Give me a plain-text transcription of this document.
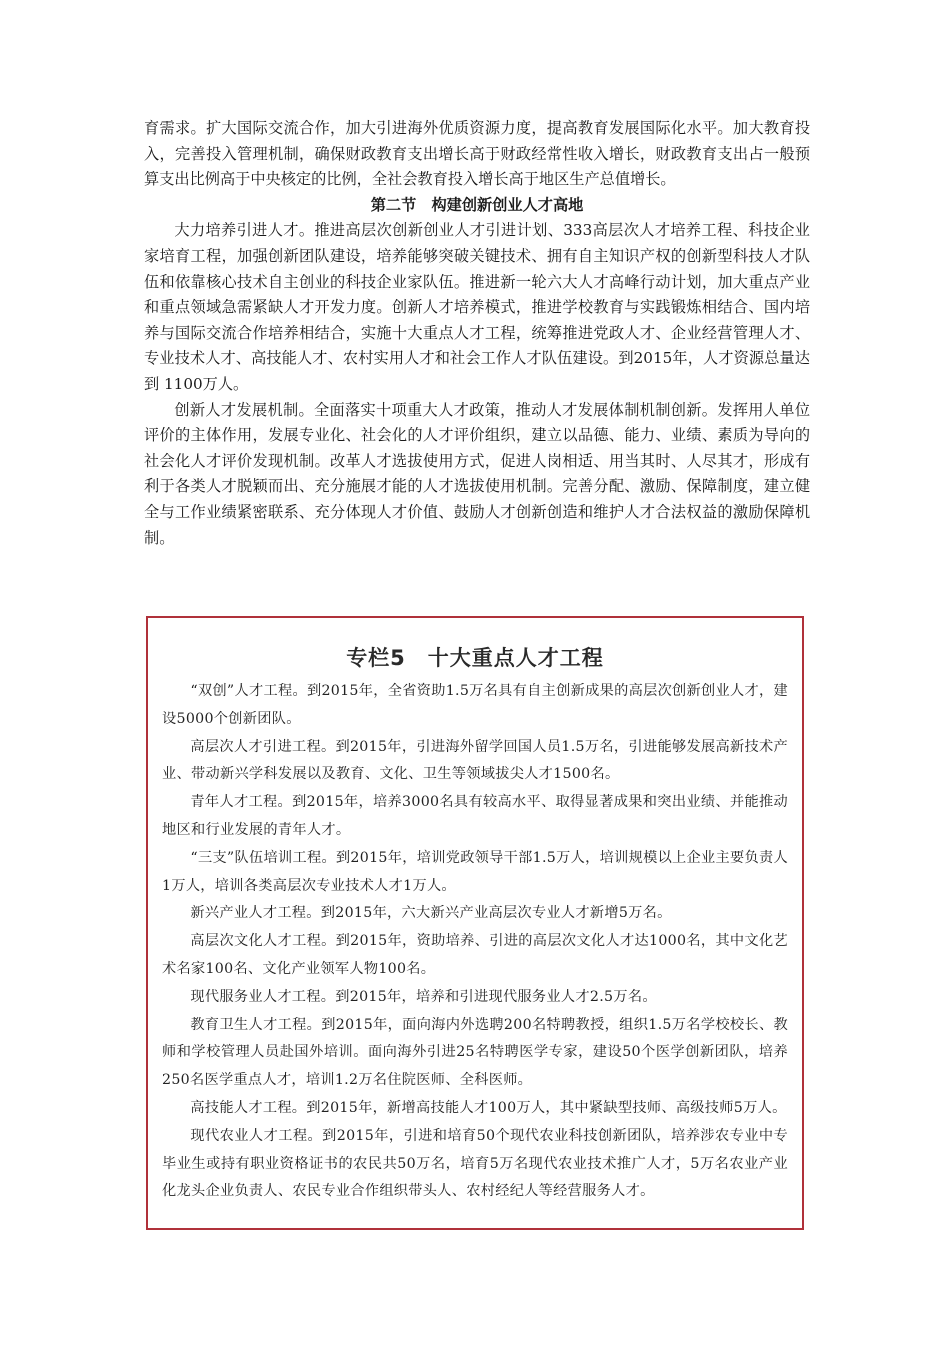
育需求。扩大国际交流合作，加大引进海外优质资源力度，提高教育发展国际化水平。加大教育投入，完善投入管理机制，确保财政教育支出增长高于财政经常性收入增长，财政教育支出占一般预算支出比例高于中央核定的比例，全社会教育投入增长高于地区生产总值增长。

第二节　构建创新创业人才高地

大力培养引进人才。推进高层次创新创业人才引进计划、333高层次人才培养工程、科技企业家培育工程，加强创新团队建设，培养能够突破关键技术、拥有自主知识产权的创新型科技人才队伍和依靠核心技术自主创业的科技企业家队伍。推进新一轮六大人才高峰行动计划，加大重点产业和重点领域急需紧缺人才开发力度。创新人才培养模式，推进学校教育与实践锻炼相结合、国内培养与国际交流合作培养相结合，实施十大重点人才工程，统筹推进党政人才、企业经营管理人才、专业技术人才、高技能人才、农村实用人才和社会工作人才队伍建设。到2015年，人才资源总量达到 1100万人。

创新人才发展机制。全面落实十项重大人才政策，推动人才发展体制机制创新。发挥用人单位评价的主体作用，发展专业化、社会化的人才评价组织，建立以品德、能力、业绩、素质为导向的社会化人才评价发现机制。改革人才选拔使用方式，促进人岗相适、用当其时、人尽其才，形成有利于各类人才脱颖而出、充分施展才能的人才选拔使用机制。完善分配、激励、保障制度，建立健全与工作业绩紧密联系、充分体现人才价值、鼓励人才创新创造和维护人才合法权益的激励保障机制。

专栏5　十大重点人才工程

“双创”人才工程。到2015年，全省资助1.5万名具有自主创新成果的高层次创新创业人才，建设5000个创新团队。

高层次人才引进工程。到2015年，引进海外留学回国人员1.5万名，引进能够发展高新技术产业、带动新兴学科发展以及教育、文化、卫生等领域拔尖人才1500名。

青年人才工程。到2015年，培养3000名具有较高水平、取得显著成果和突出业绩、并能推动地区和行业发展的青年人才。

“三支”队伍培训工程。到2015年，培训党政领导干部1.5万人，培训规模以上企业主要负责人1万人，培训各类高层次专业技术人才1万人。

新兴产业人才工程。到2015年，六大新兴产业高层次专业人才新增5万名。

高层次文化人才工程。到2015年，资助培养、引进的高层次文化人才达1000名，其中文化艺术名家100名、文化产业领军人物100名。

现代服务业人才工程。到2015年，培养和引进现代服务业人才2.5万名。

教育卫生人才工程。到2015年，面向海内外选聘200名特聘教授，组织1.5万名学校校长、教师和学校管理人员赴国外培训。面向海外引进25名特聘医学专家，建设50个医学创新团队，培养250名医学重点人才，培训1.2万名住院医师、全科医师。

高技能人才工程。到2015年，新增高技能人才100万人，其中紧缺型技师、高级技师5万人。

现代农业人才工程。到2015年，引进和培育50个现代农业科技创新团队，培养涉农专业中专毕业生或持有职业资格证书的农民共50万名，培育5万名现代农业技术推广人才，5万名农业产业化龙头企业负责人、农民专业合作组织带头人、农村经纪人等经营服务人才。
